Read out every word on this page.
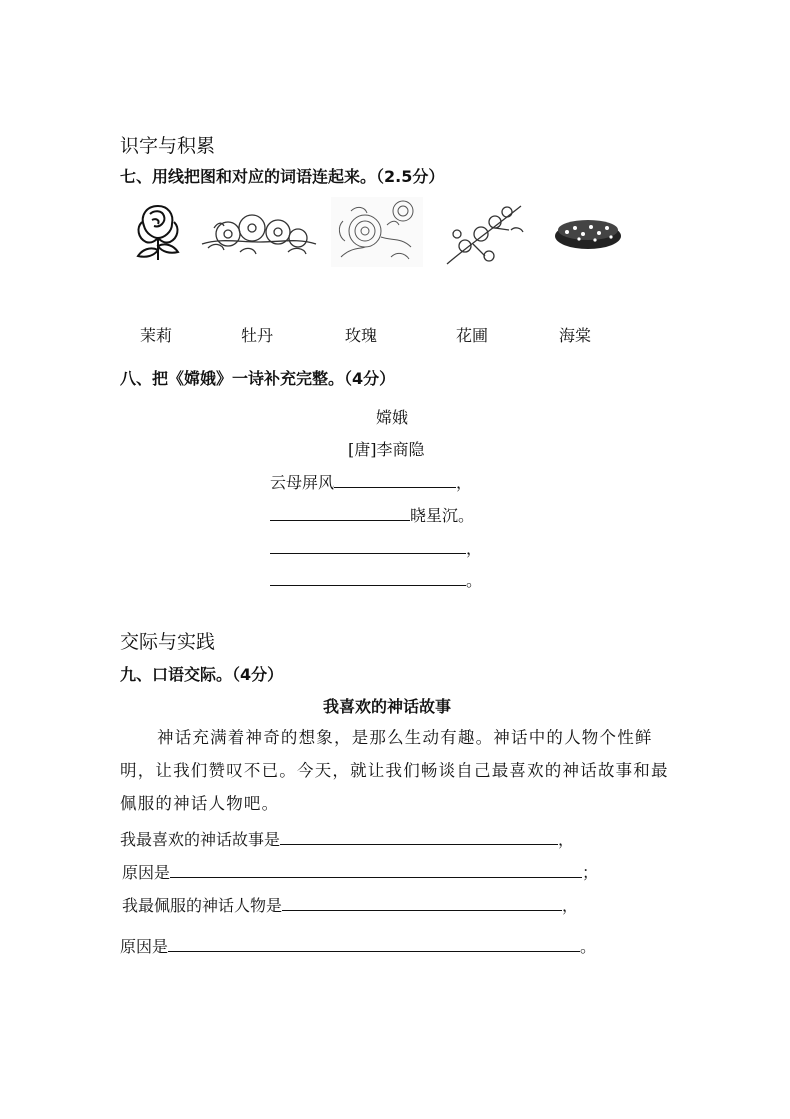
识字与积累
七、用线把图和对应的词语连起来。（2.5分）
茉莉	牡丹	玫瑰	花圃	海棠
八、把《嫦娥》一诗补充完整。（4分）
嫦娥
[唐]李商隐
云母屏风	，
晓星沉。
，
。
交际与实践
九、口语交际。（4分）
我喜欢的神话故事
神话充满着神奇的想象，是那么生动有趣。神话中的人物个性鲜明，让我们赞叹不已。今天，就让我们畅谈自己最喜欢的神话故事和最佩服的神话人物吧。
我最喜欢的神话故事是	，
原因是	；
我最佩服的神话人物是	，
原因是	。
